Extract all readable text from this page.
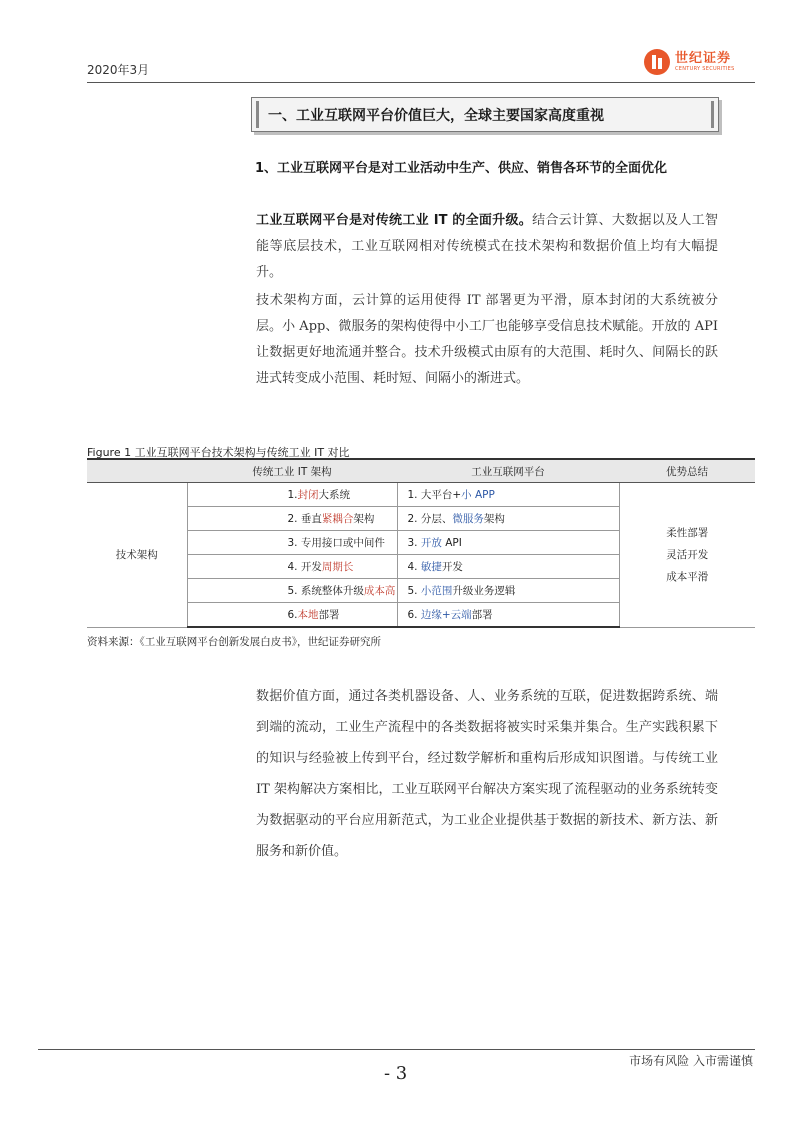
2020年3月
世纪证券
CENTURY SECURITIES
一、工业互联网平台价值巨大，全球主要国家高度重视
1、工业互联网平台是对工业活动中生产、供应、销售各环节的全面优化

工业互联网平台是对传统工业 IT 的全面升级。结合云计算、大数据以及人工智能等底层技术，工业互联网相对传统模式在技术架构和数据价值上均有大幅提升。

技术架构方面，云计算的运用使得 IT 部署更为平滑，原本封闭的大系统被分层。小 App、微服务的架构使得中小工厂也能够享受信息技术赋能。开放的 API 让数据更好地流通并整合。技术升级模式由原有的大范围、耗时久、间隔长的跃进式转变成小范围、耗时短、间隔小的渐进式。

Figure 1 工业互联网平台技术架构与传统工业 IT 对比
	传统工业 IT 架构	工业互联网平台	优势总结
技术架构	1.封闭大系统	1. 大平台+小 APP	柔性部署
灵活开发
成本平滑

	2. 垂直紧耦合架构	2. 分层、微服务架构	
	3. 专用接口或中间件	3. 开放 API	
	4. 开发周期长	4. 敏捷开发	
	5. 系统整体升级成本高	5. 小范围升级业务逻辑	
	6.本地部署	6. 边缘+云端部署	
资料来源：《工业互联网平台创新发展白皮书》，世纪证券研究所

数据价值方面，通过各类机器设备、人、业务系统的互联，促进数据跨系统、端到端的流动，工业生产流程中的各类数据将被实时采集并集合。生产实践积累下的知识与经验被上传到平台，经过数学解析和重构后形成知识图谱。与传统工业 IT 架构解决方案相比，工业互联网平台解决方案实现了流程驱动的业务系统转变为数据驱动的平台应用新范式，为工业企业提供基于数据的新技术、新方法、新服务和新价值。

市场有风险 入市需谨慎
- 3
